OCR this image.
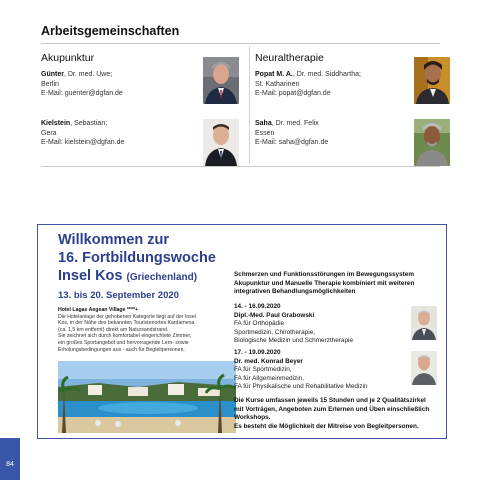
Arbeitsgemeinschaften
Akupunktur	Neuraltherapie
Günter, Dr. med. Uwe;
Berlin
E-Mail: guenter@dgfan.de
Popat M. A., Dr. med. Siddhartha;
St. Katharinen
E-Mail: popat@dgfan.de
Kielstein, Sebastian;
Gera
E-Mail: kielstein@dgfan.de
Saha, Dr. med. Felix
Essen
E-Mail: saha@dgfan.de
Willkommen zur
16. Fortbildungswoche
Insel Kos (Griechenland)
13. bis 20. September 2020
Hotel Lagas Aegean Village ****+
Die Hotelanlage der gehobenen Kategorie liegt auf der Insel
Kos, in der Nähe des bekannten Touristenortes Kardamena
(ca. 1,5 km entfernt) direkt am Natursandstrand.
Sie zeichnet sich durch komfortabel eingerichtete Zimmer,
ein großes Sportangebot und hervorragende Lern- sowie
Erholungsbedingungen aus - auch für Begleitpersonen.
Schmerzen und Funktionsstörungen im Bewegungssystem
Akupunktur und Manuelle Therapie kombiniert mit weiteren
integrativen Behandlungsmöglichkeiten
14. - 16.09.2020
Dipl.-Med. Paul Grabowski
FA für Orthopädie
Sportmedizin, Chirotherapie,
Biologische Medizin und Schmerztherapie
17. - 19.09.2020
Dr. med. Konrad Beyer
FA für Sportmedizin,
FA für Allgemeinmedizin,
FA für Physikalische und Rehabilitative Medizin
Die Kurse umfassen jeweils 15 Stunden und je 2 Qualitätszirkel
mit Vorträgen, Angeboten zum Erlernen und Üben einschließlich
Workshops.
Es besteht die Möglichkeit der Mitreise von Begleitpersonen.
84
